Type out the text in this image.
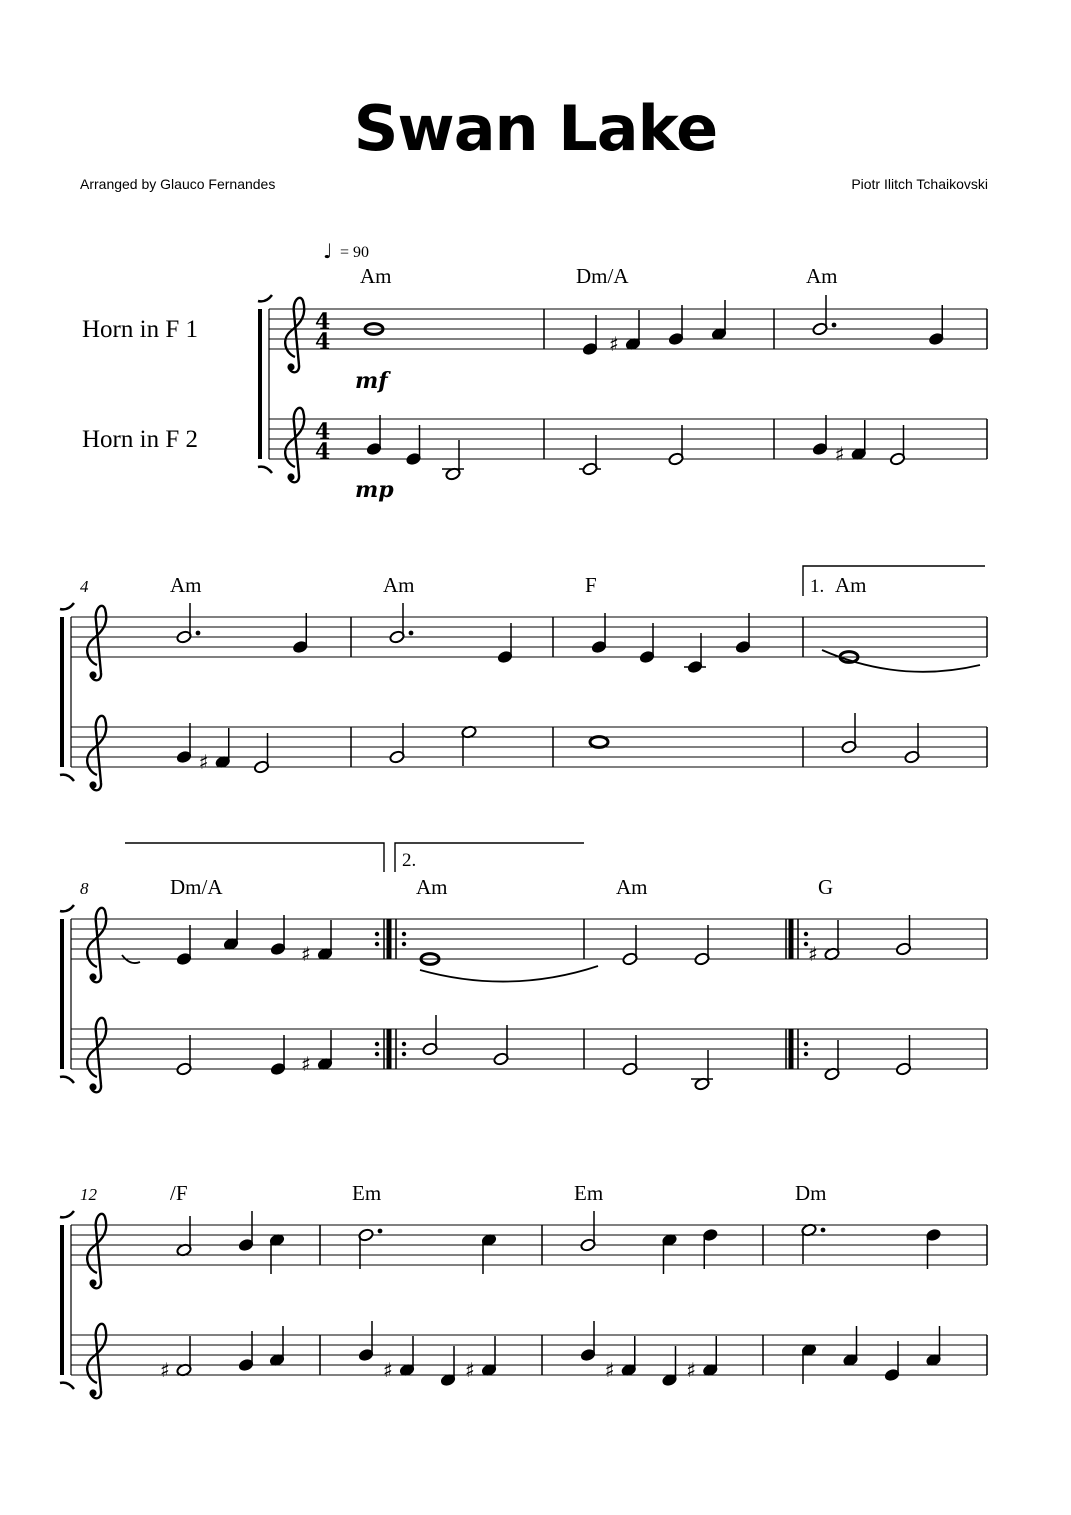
Swan Lake
Arranged by Glauco Fernandes	Piotr Ilitch Tchaikovski
♩ = 90
Horn in F 1
Horn in F 2
4
8
12
mf
mp
1.
2.
4
4
4
4
Am	Dm/A
♯
Am
♯
Am
♯
Am	F	Am
Dm/A
♯
♯
Am	Am	G
♯
/F
♯
Em
♯	♯
Em
♯	♯
Dm
